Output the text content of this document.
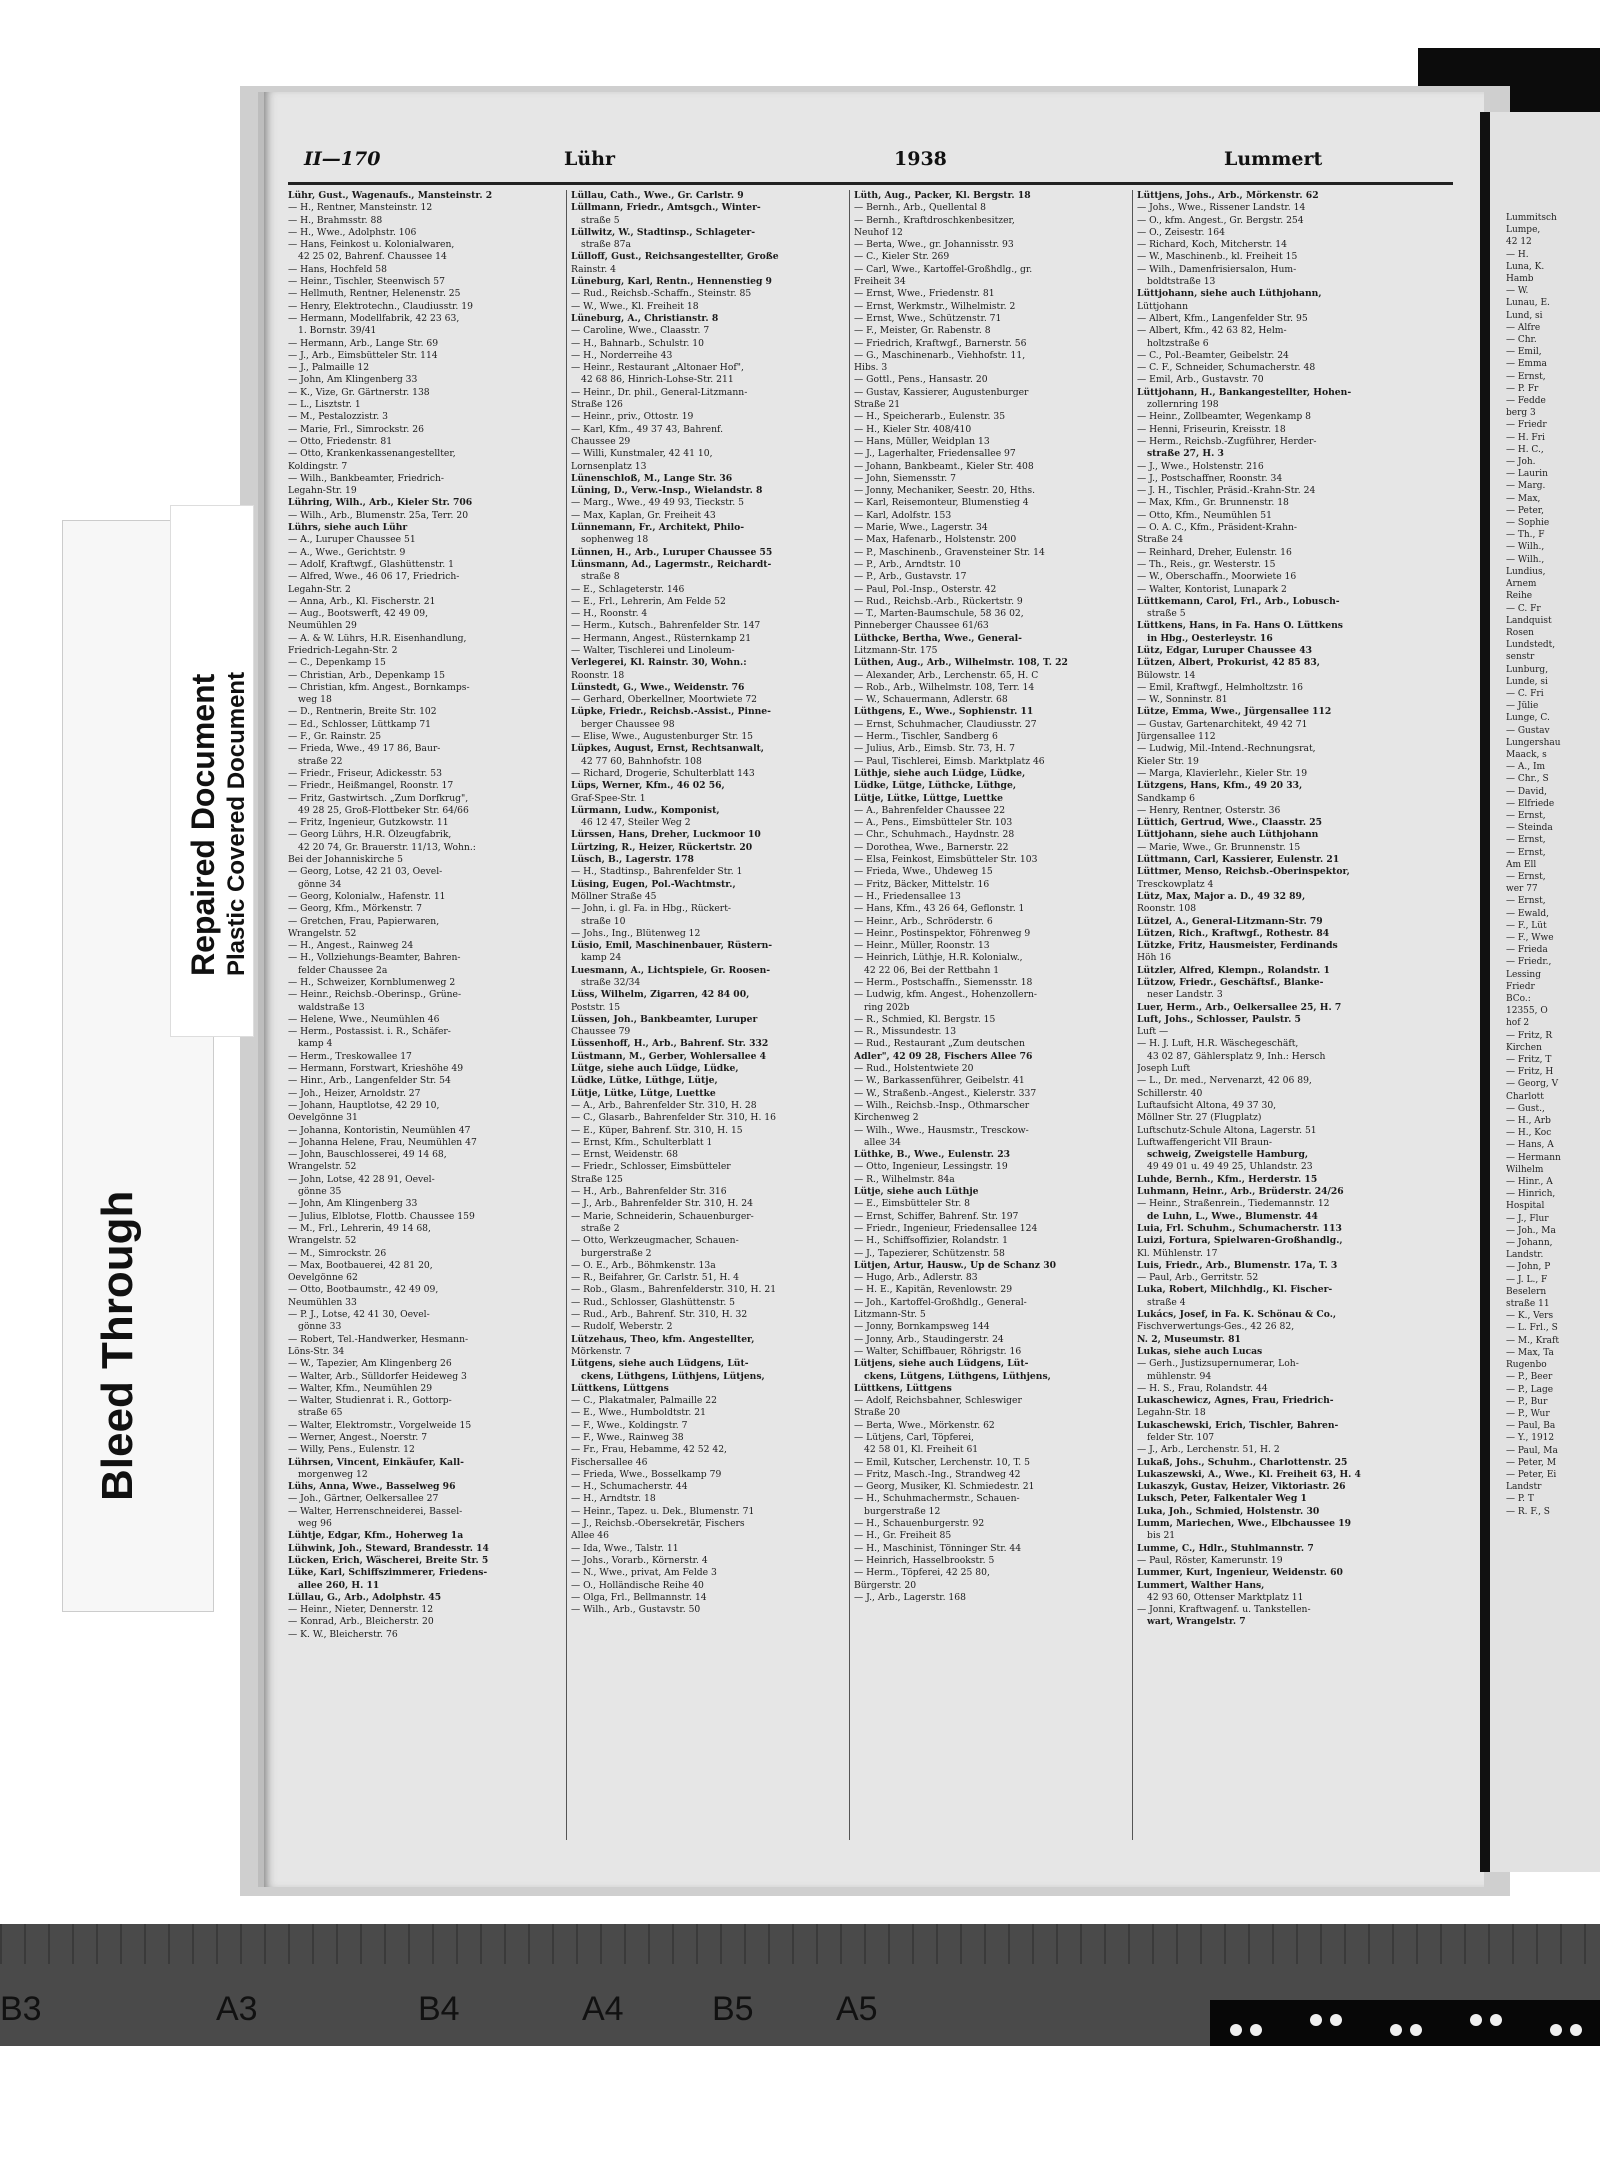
II—170	Lühr	1938	Lummert
Lühr, Gust., Wagenaufs., Mansteinstr. 2
— H., Rentner, Mansteinstr. 12
— H., Brahmsstr. 88
— H., Wwe., Adolphstr. 106
— Hans, Feinkost u. Kolonialwaren,
42 25 02, Bahrenf. Chaussee 14
— Hans, Hochfeld 58
— Heinr., Tischler, Steenwisch 57
— Hellmuth, Rentner, Helenenstr. 25
— Henry, Elektrotechn., Claudiusstr. 19
— Hermann, Modellfabrik, 42 23 63,
1. Bornstr. 39/41
— Hermann, Arb., Lange Str. 69
— J., Arb., Eimsbütteler Str. 114
— J., Palmaille 12
— John, Am Klingenberg 33
— K., Vize, Gr. Gärtnerstr. 138
— L., Lisztstr. 1
— M., Pestalozzistr. 3
— Marie, Frl., Simrockstr. 26
— Otto, Friedenstr. 81
— Otto, Krankenkassenangestellter,
Koldingstr. 7
— Wilh., Bankbeamter, Friedrich-
Legahn-Str. 19
Lühring, Wilh., Arb., Kieler Str. 706
— Wilh., Arb., Blumenstr. 25a, Terr. 20
Lührs, siehe auch Lühr
— A., Luruper Chaussee 51
— A., Wwe., Gerichtstr. 9
— Adolf, Kraftwgf., Glashüttenstr. 1
— Alfred, Wwe., 46 06 17, Friedrich-
Legahn-Str. 2
— Anna, Arb., Kl. Fischerstr. 21
— Aug., Bootswerft, 42 49 09,
Neumühlen 29
— A. & W. Lührs, H.R. Eisenhandlung,
Friedrich-Legahn-Str. 2
— C., Depenkamp 15
— Christian, Arb., Depenkamp 15
— Christian, kfm. Angest., Bornkamps-
weg 18
— D., Rentnerin, Breite Str. 102
— Ed., Schlosser, Lüttkamp 71
— F., Gr. Rainstr. 25
— Frieda, Wwe., 49 17 86, Baur-
straße 22
— Friedr., Friseur, Adickesstr. 53
— Friedr., Heißmangel, Roonstr. 17
— Fritz, Gastwirtsch. „Zum Dorfkrug",
49 28 25, Groß-Flottbeker Str. 64/66
— Fritz, Ingenieur, Gutzkowstr. 11
— Georg Lührs, H.R. Ölzeugfabrik,
42 20 74, Gr. Brauerstr. 11/13, Wohn.:
Bei der Johanniskirche 5
— Georg, Lotse, 42 21 03, Oevel-
gönne 34
— Georg, Kolonialw., Hafenstr. 11
— Georg, Kfm., Mörkenstr. 7
— Gretchen, Frau, Papierwaren,
Wrangelstr. 52
— H., Angest., Rainweg 24
— H., Vollziehungs-Beamter, Bahren-
felder Chaussee 2a
— H., Schweizer, Kornblumenweg 2
— Heinr., Reichsb.-Oberinsp., Grüne-
waldstraße 13
— Helene, Wwe., Neumühlen 46
— Herm., Postassist. i. R., Schäfer-
kamp 4
— Herm., Treskowallee 17
— Hermann, Forstwart, Krieshöhe 49
— Hinr., Arb., Langenfelder Str. 54
— Joh., Heizer, Arnoldstr. 27
— Johann, Hauptlotse, 42 29 10,
Oevelgönne 31
— Johanna, Kontoristin, Neumühlen 47
— Johanna Helene, Frau, Neumühlen 47
— John, Bauschlosserei, 49 14 68,
Wrangelstr. 52
— John, Lotse, 42 28 91, Oevel-
gönne 35
— John, Am Klingenberg 33
— Julius, Elblotse, Flottb. Chaussee 159
— M., Frl., Lehrerin, 49 14 68,
Wrangelstr. 52
— M., Simrockstr. 26
— Max, Bootbauerei, 42 81 20,
Oevelgönne 62
— Otto, Bootbaumstr., 42 49 09,
Neumühlen 33
— P. J., Lotse, 42 41 30, Oevel-
gönne 33
— Robert, Tel.-Handwerker, Hesmann-
Löns-Str. 34
— W., Tapezier, Am Klingenberg 26
— Walter, Arb., Sülldorfer Heideweg 3
— Walter, Kfm., Neumühlen 29
— Walter, Studienrat i. R., Gottorp-
straße 65
— Walter, Elektromstr., Vorgelweide 15
— Werner, Angest., Noerstr. 7
— Willy, Pens., Eulenstr. 12
Lührsen, Vincent, Einkäufer, Kall-
morgenweg 12
Lühs, Anna, Wwe., Basselweg 96
— Joh., Gärtner, Oelkersallee 27
— Walter, Herrenschneiderei, Bassel-
weg 96
Lühtje, Edgar, Kfm., Hoherweg 1a
Lühwink, Joh., Steward, Brandesstr. 14
Lücken, Erich, Wäscherei, Breite Str. 5
Lüke, Karl, Schiffszimmerer, Friedens-
allee 260, H. 11
Lüllau, G., Arb., Adolphstr. 45
— Heinr., Nieter, Dennerstr. 12
— Konrad, Arb., Bleicherstr. 20
— K. W., Bleicherstr. 76
Lüllau, Cath., Wwe., Gr. Carlstr. 9
Lüllmann, Friedr., Amtsgch., Winter-
straße 5
Lüllwitz, W., Stadtinsp., Schlageter-
straße 87a
Lülloff, Gust., Reichsangestellter, Große
Rainstr. 4
Lüneburg, Karl, Rentn., Hennenstieg 9
— Rud., Reichsb.-Schaffn., Steinstr. 85
— W., Wwe., Kl. Freiheit 18
Lüneburg, A., Christianstr. 8
— Caroline, Wwe., Claasstr. 7
— H., Bahnarb., Schulstr. 10
— H., Norderreihe 43
— Heinr., Restaurant „Altonaer Hof",
42 68 86, Hinrich-Lohse-Str. 211
— Heinr., Dr. phil., General-Litzmann-
Straße 126
— Heinr., priv., Ottostr. 19
— Karl, Kfm., 49 37 43, Bahrenf.
Chaussee 29
— Willi, Kunstmaler, 42 41 10,
Lornsenplatz 13
Lünenschloß, M., Lange Str. 36
Lüning, D., Verw.-Insp., Wielandstr. 8
— Marg., Wwe., 49 49 93, Tieckstr. 5
— Max, Kaplan, Gr. Freiheit 43
Lünnemann, Fr., Architekt, Philo-
sophenweg 18
Lünnen, H., Arb., Luruper Chaussee 55
Lünsmann, Ad., Lagermstr., Reichardt-
straße 8
— E., Schlageterstr. 146
— E., Frl., Lehrerin, Am Felde 52
— H., Roonstr. 4
— Herm., Kutsch., Bahrenfelder Str. 147
— Hermann, Angest., Rüsternkamp 21
— Walter, Tischlerei und Linoleum-
Verlegerei, Kl. Rainstr. 30, Wohn.:
Roonstr. 18
Lünstedt, G., Wwe., Weidenstr. 76
— Gerhard, Oberkellner, Moortwiete 72
Lüpke, Friedr., Reichsb.-Assist., Pinne-
berger Chaussee 98
— Elise, Wwe., Augustenburger Str. 15
Lüpkes, August, Ernst, Rechtsanwalt,
42 77 60, Bahnhofstr. 108
— Richard, Drogerie, Schulterblatt 143
Lüps, Werner, Kfm., 46 02 56,
Graf-Spee-Str. 1
Lürmann, Ludw., Komponist,
46 12 47, Steiler Weg 2
Lürssen, Hans, Dreher, Luckmoor 10
Lürtzing, R., Heizer, Rückertstr. 20
Lüsch, B., Lagerstr. 178
— H., Stadtinsp., Bahrenfelder Str. 1
Lüsing, Eugen, Pol.-Wachtmstr.,
Möllner Straße 45
— John, i. gl. Fa. in Hbg., Rückert-
straße 10
— Johs., Ing., Blütenweg 12
Lüsio, Emil, Maschinenbauer, Rüstern-
kamp 24
Luesmann, A., Lichtspiele, Gr. Roosen-
straße 32/34
Lüss, Wilhelm, Zigarren, 42 84 00,
Poststr. 15
Lüssen, Joh., Bankbeamter, Luruper
Chaussee 79
Lüssenhoff, H., Arb., Bahrenf. Str. 332
Lüstmann, M., Gerber, Wohlersallee 4
Lütge, siehe auch Lüdge, Lüdke,
Lüdke, Lütke, Lüthge, Lütje,
Lütje, Lütke, Lütge, Luettke
— A., Arb., Bahrenfelder Str. 310, H. 28
— C., Glasarb., Bahrenfelder Str. 310, H. 16
— E., Küper, Bahrenf. Str. 310, H. 15
— Ernst, Kfm., Schulterblatt 1
— Ernst, Weidenstr. 68
— Friedr., Schlosser, Eimsbütteler
Straße 125
— H., Arb., Bahrenfelder Str. 316
— J., Arb., Bahrenfelder Str. 310, H. 24
— Marie, Schneiderin, Schauenburger-
straße 2
— Otto, Werkzeugmacher, Schauen-
burgerstraße 2
— O. E., Arb., Böhmkenstr. 13a
— R., Beifahrer, Gr. Carlstr. 51, H. 4
— Rob., Glasm., Bahrenfelderstr. 310, H. 21
— Rud., Schlosser, Glashüttenstr. 5
— Rud., Arb., Bahrenf. Str. 310, H. 32
— Rudolf, Weberstr. 2
Lützehaus, Theo, kfm. Angestellter,
Mörkenstr. 7
Lütgens, siehe auch Lüdgens, Lüt-
ckens, Lüthgens, Lüthjens, Lütjens,
Lüttkens, Lüttgens
— C., Plakatmaler, Palmaille 22
— E., Wwe., Humboldtstr. 21
— F., Wwe., Koldingstr. 7
— F., Wwe., Rainweg 38
— Fr., Frau, Hebamme, 42 52 42,
Fischersallee 46
— Frieda, Wwe., Bosselkamp 79
— H., Schumacherstr. 44
— H., Arndtstr. 18
— Heinr., Tapez. u. Dek., Blumenstr. 71
— J., Reichsb.-Obersekretär, Fischers
Allee 46
— Ida, Wwe., Talstr. 11
— Johs., Vorarb., Körnerstr. 4
— N., Wwe., privat, Am Felde 3
— O., Holländische Reihe 40
— Olga, Frl., Bellmannstr. 14
— Wilh., Arb., Gustavstr. 50
Lüth, Aug., Packer, Kl. Bergstr. 18
— Bernh., Arb., Quellental 8
— Bernh., Kraftdroschkenbesitzer,
Neuhof 12
— Berta, Wwe., gr. Johannisstr. 93
— C., Kieler Str. 269
— Carl, Wwe., Kartoffel-Großhdlg., gr.
Freiheit 34
— Ernst, Wwe., Friedenstr. 81
— Ernst, Werkmstr., Wilhelmistr. 2
— Ernst, Wwe., Schützenstr. 71
— F., Meister, Gr. Rabenstr. 8
— Friedrich, Kraftwgf., Barnerstr. 56
— G., Maschinenarb., Viehhofstr. 11,
Hibs. 3
— Gottl., Pens., Hansastr. 20
— Gustav, Kassierer, Augustenburger
Straße 21
— H., Speicherarb., Eulenstr. 35
— H., Kieler Str. 408/410
— Hans, Müller, Weidplan 13
— J., Lagerhalter, Friedensallee 97
— Johann, Bankbeamt., Kieler Str. 408
— John, Siemensstr. 7
— Jonny, Mechaniker, Seestr. 20, Hths.
— Karl, Reisemonteur, Blumenstieg 4
— Karl, Adolfstr. 153
— Marie, Wwe., Lagerstr. 34
— Max, Hafenarb., Holstenstr. 200
— P., Maschinenb., Gravensteiner Str. 14
— P., Arb., Arndtstr. 10
— P., Arb., Gustavstr. 17
— Paul, Pol.-Insp., Osterstr. 42
— Rud., Reichsb.-Arb., Rückertstr. 9
— T., Marten-Baumschule, 58 36 02,
Pinneberger Chaussee 61/63
Lüthcke, Bertha, Wwe., General-
Litzmann-Str. 175
Lüthen, Aug., Arb., Wilhelmstr. 108, T. 22
— Alexander, Arb., Lerchenstr. 65, H. C
— Rob., Arb., Wilhelmstr. 108, Terr. 14
— W., Schauermann, Adlerstr. 68
Lüthgens, E., Wwe., Sophienstr. 11
— Ernst, Schuhmacher, Claudiusstr. 27
— Herm., Tischler, Sandberg 6
— Julius, Arb., Eimsb. Str. 73, H. 7
— Paul, Tischlerei, Eimsb. Marktplatz 46
Lüthje, siehe auch Lüdge, Lüdke,
Lüdke, Lütge, Lüthcke, Lüthge,
Lütje, Lütke, Lüttge, Luettke
— A., Bahrenfelder Chaussee 22
— A., Pens., Eimsbütteler Str. 103
— Chr., Schuhmach., Haydnstr. 28
— Dorothea, Wwe., Barnerstr. 22
— Elsa, Feinkost, Eimsbütteler Str. 103
— Frieda, Wwe., Uhdeweg 15
— Fritz, Bäcker, Mittelstr. 16
— H., Friedensallee 13
— Hans, Kfm., 43 26 64, Geflonstr. 1
— Heinr., Arb., Schröderstr. 6
— Heinr., Postinspektor, Föhrenweg 9
— Heinr., Müller, Roonstr. 13
— Heinrich, Lüthje, H.R. Kolonialw.,
42 22 06, Bei der Rettbahn 1
— Herm., Postschaffn., Siemensstr. 18
— Ludwig, kfm. Angest., Hohenzollern-
ring 202b
— R., Schmied, Kl. Bergstr. 15
— R., Missundestr. 13
— Rud., Restaurant „Zum deutschen
Adler", 42 09 28, Fischers Allee 76
— Rud., Holstentwiete 20
— W., Barkassenführer, Geibelstr. 41
— W., Straßenb.-Angest., Kielerstr. 337
— Wilh., Reichsb.-Insp., Othmarscher
Kirchenweg 2
— Wilh., Wwe., Hausmstr., Tresckow-
allee 34
Lüthke, B., Wwe., Eulenstr. 23
— Otto, Ingenieur, Lessingstr. 19
— R., Wilhelmstr. 84a
Lütje, siehe auch Lüthje
— E., Eimsbütteler Str. 8
— Ernst, Schiffer, Bahrenf. Str. 197
— Friedr., Ingenieur, Friedensallee 124
— H., Schiffsoffizier, Rolandstr. 1
— J., Tapezierer, Schützenstr. 58
Lütjen, Artur, Hausw., Up de Schanz 30
— Hugo, Arb., Adlerstr. 83
— H. E., Kapitän, Revenlowstr. 29
— Joh., Kartoffel-Großhdlg., General-
Litzmann-Str. 5
— Jonny, Bornkampsweg 144
— Jonny, Arb., Staudingerstr. 24
— Walter, Schiffbauer, Röhrigstr. 16
Lütjens, siehe auch Lüdgens, Lüt-
ckens, Lütgens, Lüthgens, Lüthjens,
Lüttkens, Lüttgens
— Adolf, Reichsbahner, Schleswiger
Straße 20
— Berta, Wwe., Mörkenstr. 62
— Lütjens, Carl, Töpferei,
42 58 01, Kl. Freiheit 61
— Emil, Kutscher, Lerchenstr. 10, T. 5
— Fritz, Masch.-Ing., Strandweg 42
— Georg, Musiker, Kl. Schmiedestr. 21
— H., Schuhmachermstr., Schauen-
burgerstraße 12
— H., Schauenburgerstr. 92
— H., Gr. Freiheit 85
— H., Maschinist, Tönninger Str. 44
— Heinrich, Hasselbrookstr. 5
— Herm., Töpferei, 42 25 80,
Bürgerstr. 20
— J., Arb., Lagerstr. 168
Lüttjens, Johs., Arb., Mörkenstr. 62
— Johs., Wwe., Rissener Landstr. 14
— O., kfm. Angest., Gr. Bergstr. 254
— O., Zeisestr. 164
— Richard, Koch, Mitcherstr. 14
— W., Maschinenb., kl. Freiheit 15
— Wilh., Damenfrisiersalon, Hum-
boldtstraße 13
Lüttjohann, siehe auch Lüthjohann,
Lüttjohann
— Albert, Kfm., Langenfelder Str. 95
— Albert, Kfm., 42 63 82, Helm-
holtzstraße 6
— C., Pol.-Beamter, Geibelstr. 24
— C. F., Schneider, Schumacherstr. 48
— Emil, Arb., Gustavstr. 70
Lüttjohann, H., Bankangestellter, Hohen-
zollernring 198
— Heinr., Zollbeamter, Wegenkamp 8
— Henni, Friseurin, Kreisstr. 18
— Herm., Reichsb.-Zugführer, Herder-
straße 27, H. 3
— J., Wwe., Holstenstr. 216
— J., Postschaffner, Roonstr. 34
— J. H., Tischler, Präsid.-Krahn-Str. 24
— Max, Kfm., Gr. Brunnenstr. 18
— Otto, Kfm., Neumühlen 51
— O. A. C., Kfm., Präsident-Krahn-
Straße 24
— Reinhard, Dreher, Eulenstr. 16
— Th., Reis., gr. Westerstr. 15
— W., Oberschaffn., Moorwiete 16
— Walter, Kontorist, Lunapark 2
Lüttkemann, Carol, Frl., Arb., Lobusch-
straße 5
Lüttkens, Hans, in Fa. Hans O. Lüttkens
in Hbg., Oesterleystr. 16
Lütz, Edgar, Luruper Chaussee 43
Lützen, Albert, Prokurist, 42 85 83,
Bülowstr. 14
— Emil, Kraftwgf., Helmholtzstr. 16
— W., Sonninstr. 81
Lütze, Emma, Wwe., Jürgensallee 112
— Gustav, Gartenarchitekt, 49 42 71
Jürgensallee 112
— Ludwig, Mil.-Intend.-Rechnungsrat,
Kieler Str. 19
— Marga, Klavierlehr., Kieler Str. 19
Lützgens, Hans, Kfm., 49 20 33,
Sandkamp 6
— Henry, Rentner, Osterstr. 36
Lüttich, Gertrud, Wwe., Claasstr. 25
Lüttjohann, siehe auch Lüthjohann
— Marie, Wwe., Gr. Brunnenstr. 15
Lüttmann, Carl, Kassierer, Eulenstr. 21
Lüttmer, Menso, Reichsb.-Oberinspektor,
Tresckowplatz 4
Lütz, Max, Major a. D., 49 32 89,
Roonstr. 108
Lützel, A., General-Litzmann-Str. 79
Lützen, Rich., Kraftwgf., Rothestr. 84
Lützke, Fritz, Hausmeister, Ferdinands
Höh 16
Lützler, Alfred, Klempn., Rolandstr. 1
Lützow, Friedr., Geschäftsf., Blanke-
neser Landstr. 3
Luer, Herm., Arb., Oelkersallee 25, H. 7
Luft, Johs., Schlosser, Paulstr. 5
Luft —
— H. J. Luft, H.R. Wäschegeschäft,
43 02 87, Gählersplatz 9, Inh.: Hersch
Joseph Luft
— L., Dr. med., Nervenarzt, 42 06 89,
Schillerstr. 40
Luftaufsicht Altona, 49 37 30,
Möllner Str. 27 (Flugplatz)
Luftschutz-Schule Altona, Lagerstr. 51
Luftwaffengericht VII Braun-
schweig, Zweigstelle Hamburg,
49 49 01 u. 49 49 25, Uhlandstr. 23
Luhde, Bernh., Kfm., Herderstr. 15
Luhmann, Heinr., Arb., Brüderstr. 24/26
— Heinr., Straßenrein., Tiedemannstr. 12
de Luhn, L., Wwe., Blumenstr. 44
Luia, Frl. Schuhm., Schumacherstr. 113
Luizi, Fortura, Spielwaren-Großhandlg.,
Kl. Mühlenstr. 17
Luis, Friedr., Arb., Blumenstr. 17a, T. 3
— Paul, Arb., Gerritstr. 52
Luka, Robert, Milchhdlg., Kl. Fischer-
straße 4
Lukács, Josef, in Fa. K. Schönau & Co.,
Fischverwertungs-Ges., 42 26 82,
N. 2, Museumstr. 81
Lukas, siehe auch Lucas
— Gerh., Justizsupernumerar, Loh-
mühlenstr. 94
— H. S., Frau, Rolandstr. 44
Lukaschewicz, Agnes, Frau, Friedrich-
Legahn-Str. 18
Lukaschewski, Erich, Tischler, Bahren-
felder Str. 107
— J., Arb., Lerchenstr. 51, H. 2
Lukaß, Johs., Schuhm., Charlottenstr. 25
Lukaszewski, A., Wwe., Kl. Freiheit 63, H. 4
Lukaszyk, Gustav, Heizer, Viktoriastr. 26
Luksch, Peter, Falkentaler Weg 1
Luka, Joh., Schmied, Holstenstr. 30
Lumm, Mariechen, Wwe., Elbchaussee 19
bis 21
Lumme, C., Hdlr., Stuhlmannstr. 7
— Paul, Röster, Kamerunstr. 19
Lummer, Kurt, Ingenieur, Weidenstr. 60
Lummert, Walther Hans,
42 93 60, Ottenser Marktplatz 11
— Jonni, Kraftwagenf. u. Tankstellen-
wart, Wrangelstr. 7
Lummitsch
Lumpe,
42 12
— H.
Luna, K.
Hamb
— W.
Lunau, E.
Lund, si
— Alfre
— Chr.
— Emil,
— Emma
— Ernst,
— P. Fr
— Fedde
berg 3
— Friedr
— H. Fri
— H. C.,
— Joh.
— Laurin
— Marg.
— Max,
— Peter,
— Sophie
— Th., F
— Wilh.,
— Wilh.,
Lundius,
Arnem
Reihe
— C. Fr
Landquist
Rosen
Lundstedt,
senstr
Lunburg,
Lunde, si
— C. Fri
— Jülie
Lunge, C.
— Gustav
Lungershau
Maack, s
— A., Im
— Chr., S
— David,
— Elfriede
— Ernst,
— Steinda
— Ernst,
— Ernst,
Am Ell
— Ernst,
wer 77
— Ernst,
— Ewald,
— F., Lüt
— F., Wwe
— Frieda
— Friedr.,
Lessing
Friedr
BCo.:
12355, O
hof 2
— Fritz, R
Kirchen
— Fritz, T
— Fritz, H
— Georg, V
Charlott
— Gust.,
— H., Arb
— H., Koc
— Hans, A
— Hermann
Wilhelm
— Hinr., A
— Hinrich,
Hospital
— J., Flur
— Joh., Ma
— Johann,
Landstr.
— John, P
— J. L., F
Beselern
straße 11
— K., Vers
— L. Frl., S
— M., Kraft
— Max, Ta
Rugenbo
— P., Beer
— P., Lage
— P., Bur
— P., Wur
— Paul, Ba
— Y., 1912
— Paul, Ma
— Peter, M
— Peter, Ei
Landstr
— P. T
— R. F., S
Bleed Through
Repaired Document Plastic Covered Document
B3	A3	B4	A4	B5 A5
